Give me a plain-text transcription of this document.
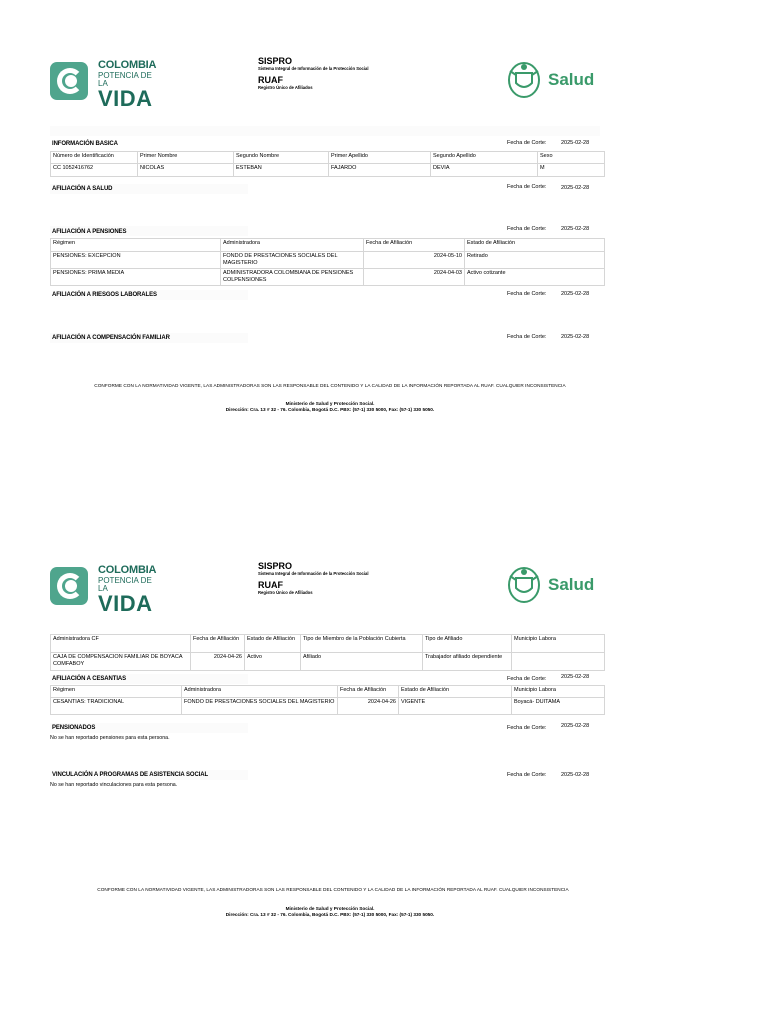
COLOMBIA
POTENCIA DE LA
VIDA
SISPRO
Sistema Integral de Información de la Protección Social
RUAF
Registro Único de Afiliados	Salud
INFORMACIÓN BASICA	Fecha de Corte:	2025-02-28
Número de Identificación	Primer Nombre	Segundo Nombre	Primer Apellido	Segundo Apellido	Sexo
CC 1052416762	NICOLAS	ESTEBAN	FAJARDO	DEVIA	M
AFILIACIÓN A SALUD	Fecha de Corte:	2025-02-28
AFILIACIÓN A PENSIONES	Fecha de Corte:	2025-02-28
Régimen	Administradora	Fecha de Afiliación	Estado de Afiliación
PENSIONES: EXCEPCION	FONDO DE PRESTACIONES SOCIALES DEL MAGISTERIO	2024-05-10	Retirado
PENSIONES: PRIMA MEDIA	ADMINISTRADORA COLOMBIANA DE PENSIONES COLPENSIONES	2024-04-03	Activo cotizante
AFILIACIÓN A RIESGOS LABORALES	Fecha de Corte:	2025-02-28
AFILIACIÓN A COMPENSACIÓN FAMILIAR	Fecha de Corte:	2025-02-28
CONFORME CON LA NORMATIVIDAD VIGENTE, LAS ADMINISTRADORAS SON LAS RESPONSABLE DEL CONTENIDO Y LA CALIDAD DE LA INFORMACIÓN REPORTADA AL RUAF. CUALQUIER INCONSISTENCIA
Ministerio de Salud y Protección Social.
Dirección: Cra. 13 # 32 - 76. Colombia, Bogotá D.C. PBX: (57-1) 330 5000, Fax: (57-1) 330 5050.
COLOMBIA
POTENCIA DE LA
VIDA
SISPRO
Sistema Integral de Información de la Protección Social
RUAF
Registro Único de Afiliados	Salud
Administradora CF	Fecha de Afiliación	Estado de Afiliación	Tipo de Miembro de la Población Cubierta	Tipo de Afiliado	Municipio Labora
CAJA DE COMPENSACION FAMILIAR DE BOYACA COMFABOY	2024-04-26	Activo	Afiliado	Trabajador afiliado dependiente	
AFILIACIÓN A CESANTIAS	Fecha de Corte:	2025-02-28
Régimen	Administradora	Fecha de Afiliación	Estado de Afiliación	Municipio Labora
CESANTIAS: TRADICIONAL	FONDO DE PRESTACIONES SOCIALES DEL MAGISTERIO	2024-04-26	VIGENTE	Boyacá- DUITAMA
PENSIONADOS	Fecha de Corte:	2025-02-28
No se han reportado pensiones para esta persona.
VINCULACIÓN A PROGRAMAS DE ASISTENCIA SOCIAL	Fecha de Corte:	2025-02-28
No se han reportado vinculaciones para esta persona.
CONFORME CON LA NORMATIVIDAD VIGENTE, LAS ADMINISTRADORAS SON LAS RESPONSABLE DEL CONTENIDO Y LA CALIDAD DE LA INFORMACIÓN REPORTADA AL RUAF. CUALQUIER INCONSISTENCIA
Ministerio de Salud y Protección Social.
Dirección: Cra. 13 # 32 - 76. Colombia, Bogotá D.C. PBX: (57-1) 330 5000, Fax: (57-1) 330 5050.
